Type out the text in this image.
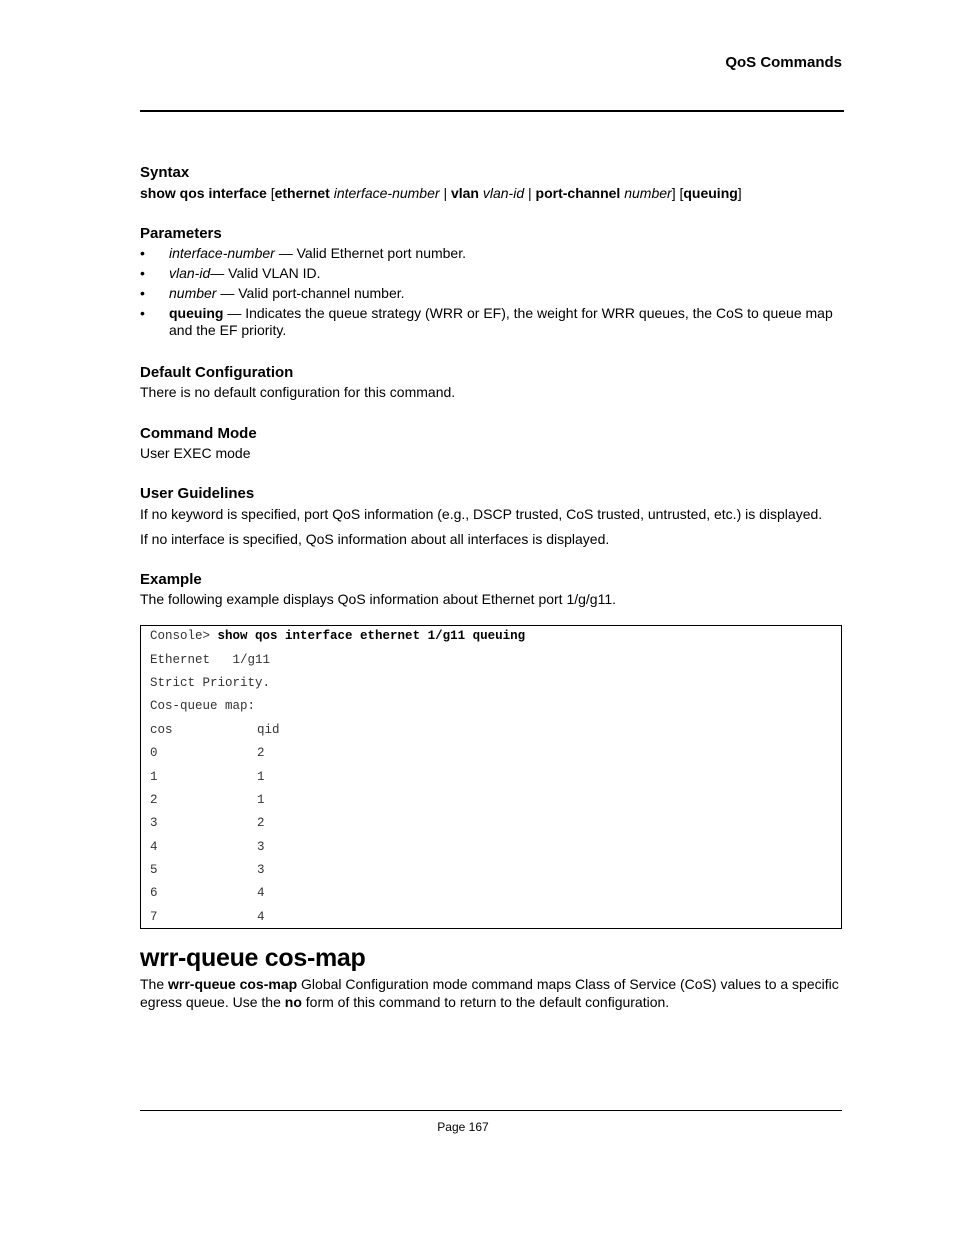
QoS Commands
Syntax
show qos interface [ethernet interface-number | vlan vlan-id | port-channel number] [queuing]
Parameters
• interface-number — Valid Ethernet port number.
• vlan-id— Valid VLAN ID.
• number — Valid port-channel number.
• queuing — Indicates the queue strategy (WRR or EF), the weight for WRR queues, the CoS to queue map and the EF priority.
Default Configuration
There is no default configuration for this command.
Command Mode
User EXEC mode
User Guidelines
If no keyword is specified, port QoS information (e.g., DSCP trusted, CoS trusted, untrusted, etc.) is displayed.
If no interface is specified, QoS information about all interfaces is displayed.
Example
The following example displays QoS information about Ethernet port 1/g/g11.
Console> show qos interface ethernet 1/g11 queuing
Ethernet   1/g11
Strict Priority.
Cos-queue map:
cos	qid
0	2
1	1
2	1
3	2
4	3
5	3
6	4
7	4
wrr-queue cos-map
The wrr-queue cos-map Global Configuration mode command maps Class of Service (CoS) values to a specific egress queue. Use the no form of this command to return to the default configuration.
Page 167
